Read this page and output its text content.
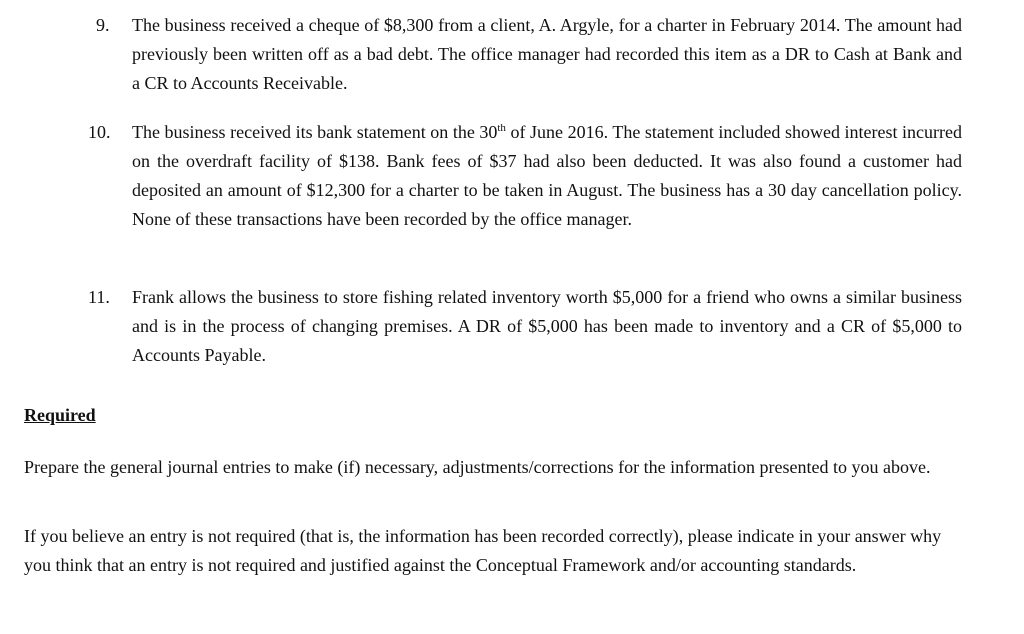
9. The business received a cheque of $8,300 from a client, A. Argyle, for a charter in February 2014. The amount had previously been written off as a bad debt. The office manager had recorded this item as a DR to Cash at Bank and a CR to Accounts Receivable.

10. The business received its bank statement on the 30th of June 2016. The statement included showed interest incurred on the overdraft facility of $138. Bank fees of $37 had also been deducted. It was also found a customer had deposited an amount of $12,300 for a charter to be taken in August. The business has a 30 day cancellation policy. None of these transactions have been recorded by the office manager.

11. Frank allows the business to store fishing related inventory worth $5,000 for a friend who owns a similar business and is in the process of changing premises. A DR of $5,000 has been made to inventory and a CR of $5,000 to Accounts Payable.

Required

Prepare the general journal entries to make (if) necessary, adjustments/corrections for the information presented to you above.

If you believe an entry is not required (that is, the information has been recorded correctly), please indicate in your answer why you think that an entry is not required and justified against the Conceptual Framework and/or accounting standards.
